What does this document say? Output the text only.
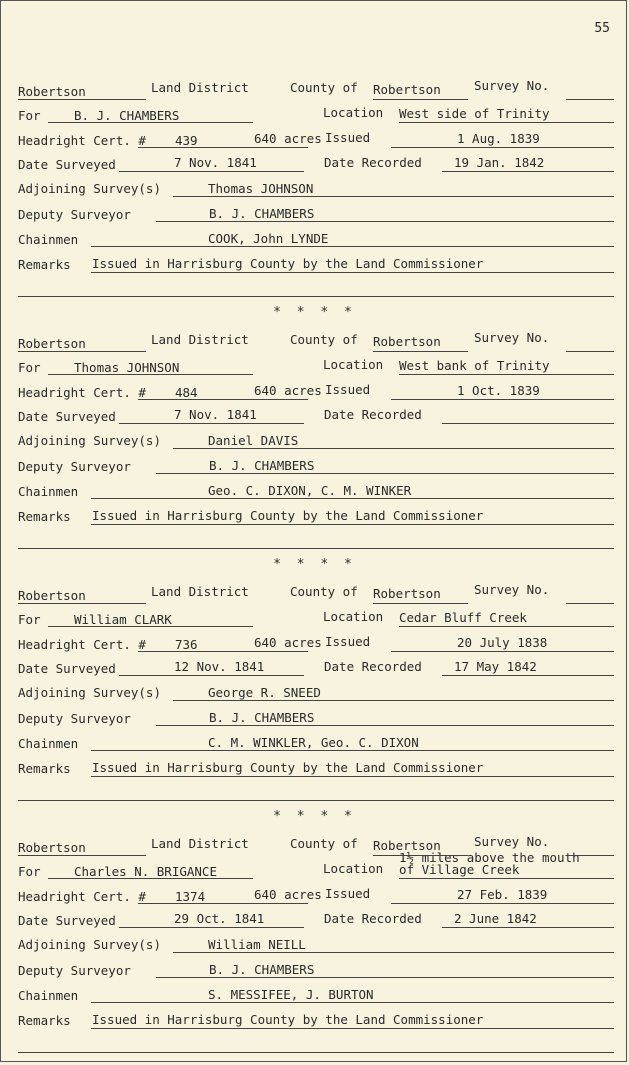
55
Robertson	Land District	County of Robertson	Survey No.
For	B. J. CHAMBERS	Location West side of Trinity
Headright Cert. # 439	640 acres Issued	1 Aug. 1839
Date Surveyed	7 Nov. 1841	Date Recorded	19 Jan. 1842
Adjoining Survey(s)	Thomas JOHNSON
Deputy Surveyor	B. J. CHAMBERS
Chainmen	COOK, John LYNDE
Remarks Issued in Harrisburg County by the Land Commissioner
Robertson	Land District	County of Robertson	Survey No.
For	Thomas JOHNSON	Location West bank of Trinity
Headright Cert. # 484	640 acres Issued	1 Oct. 1839
Date Surveyed	7 Nov. 1841	Date Recorded
Adjoining Survey(s)	Daniel DAVIS
Deputy Surveyor	B. J. CHAMBERS
Chainmen	Geo. C. DIXON, C. M. WINKER
Remarks Issued in Harrisburg County by the Land Commissioner
Robertson	Land District	County of Robertson	Survey No.
For	William CLARK	Location Cedar Bluff Creek
Headright Cert. # 736	640 acres Issued	20 July 1838
Date Surveyed	12 Nov. 1841	Date Recorded	17 May 1842
Adjoining Survey(s)	George R. SNEED
Deputy Surveyor	B. J. CHAMBERS
Chainmen	C. M. WINKLER, Geo. C. DIXON
Remarks Issued in Harrisburg County by the Land Commissioner
Robertson	Land District	County of Robertson	Survey No.
For	Charles N. BRIGANCE	Location
1½ miles above the mouth
of Village Creek
Headright Cert. # 1374	640 acres Issued	27 Feb. 1839
Date Surveyed	29 Oct. 1841	Date Recorded	2 June 1842
Adjoining Survey(s)	William NEILL
Deputy Surveyor	B. J. CHAMBERS
Chainmen	S. MESSIFEE, J. BURTON
Remarks Issued in Harrisburg County by the Land Commissioner
* * * *
* * * *
* * * *
